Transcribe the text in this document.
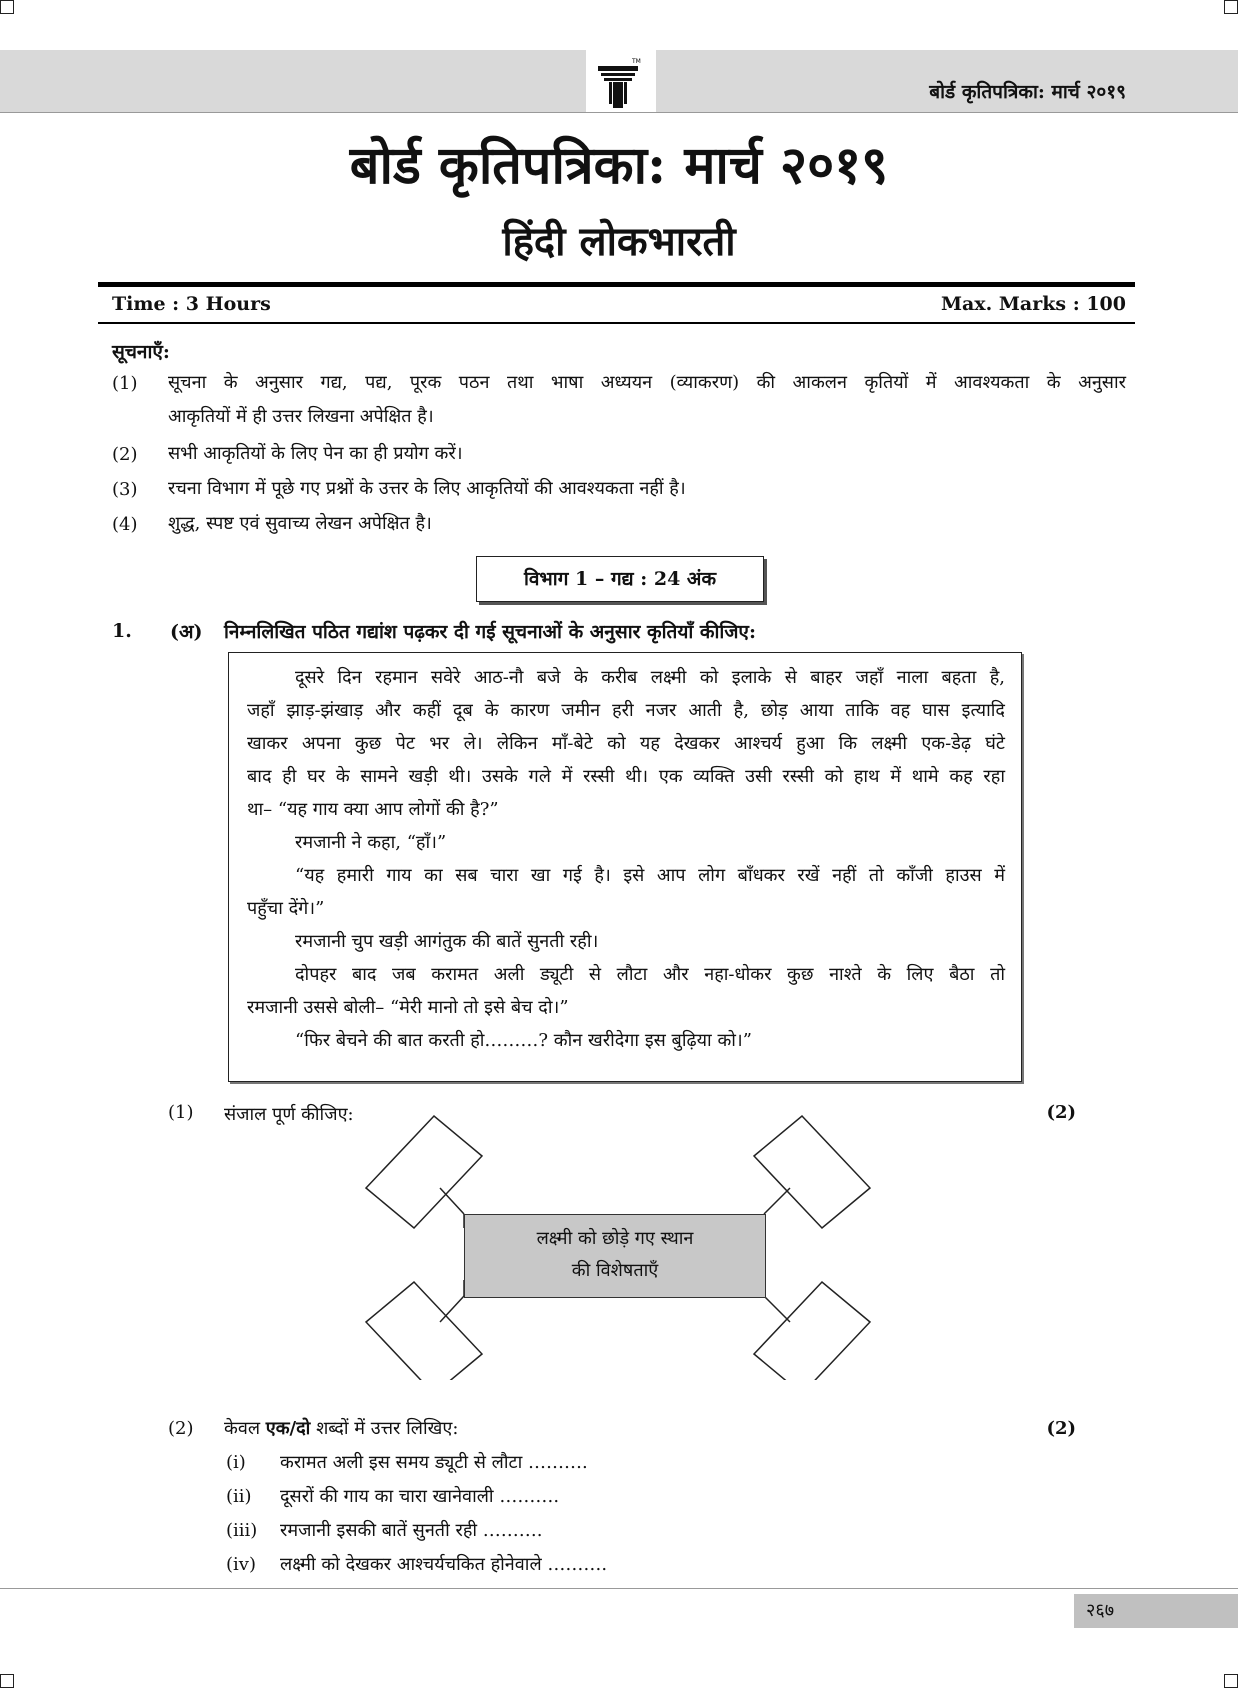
TM
बोर्ड कृतिपत्रिका: मार्च २०१९
बोर्ड कृतिपत्रिका: मार्च २०१९
हिंदी लोकभारती
Time : 3 Hours	Max. Marks : 100
सूचनाएँ:
(1) सूचना के अनुसार गद्य, पद्य, पूरक पठन तथा भाषा अध्ययन (व्याकरण) की आकलन कृतियों में आवश्यकता के अनुसार
आकृतियों में ही उत्तर लिखना अपेक्षित है।
(2) सभी आकृतियों के लिए पेन का ही प्रयोग करें।
(3) रचना विभाग में पूछे गए प्रश्नों के उत्तर के लिए आकृतियों की आवश्यकता नहीं है।
(4) शुद्ध, स्पष्ट एवं सुवाच्य लेखन अपेक्षित है।
विभाग 1 – गद्य : 24 अंक
1. (अ) निम्नलिखित पठित गद्यांश पढ़कर दी गई सूचनाओं के अनुसार कृतियाँ कीजिए:
दूसरे दिन रहमान सवेरे आठ-नौ बजे के करीब लक्ष्मी को इलाके से बाहर जहाँ नाला बहता है,
जहाँ झाड़-झंखाड़ और कहीं दूब के कारण जमीन हरी नजर आती है, छोड़ आया ताकि वह घास इत्यादि
खाकर अपना कुछ पेट भर ले। लेकिन माँ-बेटे को यह देखकर आश्चर्य हुआ कि लक्ष्मी एक-डेढ़ घंटे
बाद ही घर के सामने खड़ी थी। उसके गले में रस्सी थी। एक व्यक्ति उसी रस्सी को हाथ में थामे कह रहा
था– “यह गाय क्या आप लोगों की है?”
रमजानी ने कहा, “हाँ।”
“यह हमारी गाय का सब चारा खा गई है। इसे आप लोग बाँधकर रखें नहीं तो काँजी हाउस में
पहुँचा देंगे।”
रमजानी चुप खड़ी आगंतुक की बातें सुनती रही।
दोपहर बाद जब करामत अली ड्यूटी से लौटा और नहा-धोकर कुछ नाश्ते के लिए बैठा तो
रमजानी उससे बोली– “मेरी मानो तो इसे बेच दो।”
“फिर बेचने की बात करती हो………? कौन खरीदेगा इस बुढ़िया को।”
(1) संजाल पूर्ण कीजिए:	(2)
लक्ष्मी को छोड़े गए स्थान
की विशेषताएँ
(2) केवल एक/दो शब्दों में उत्तर लिखिए:	(2)
(i) करामत अली इस समय ड्यूटी से लौटा ……….
(ii) दूसरों की गाय का चारा खानेवाली ……….
(iii) रमजानी इसकी बातें सुनती रही ……….
(iv) लक्ष्मी को देखकर आश्चर्यचकित होनेवाले ……….
२६७
